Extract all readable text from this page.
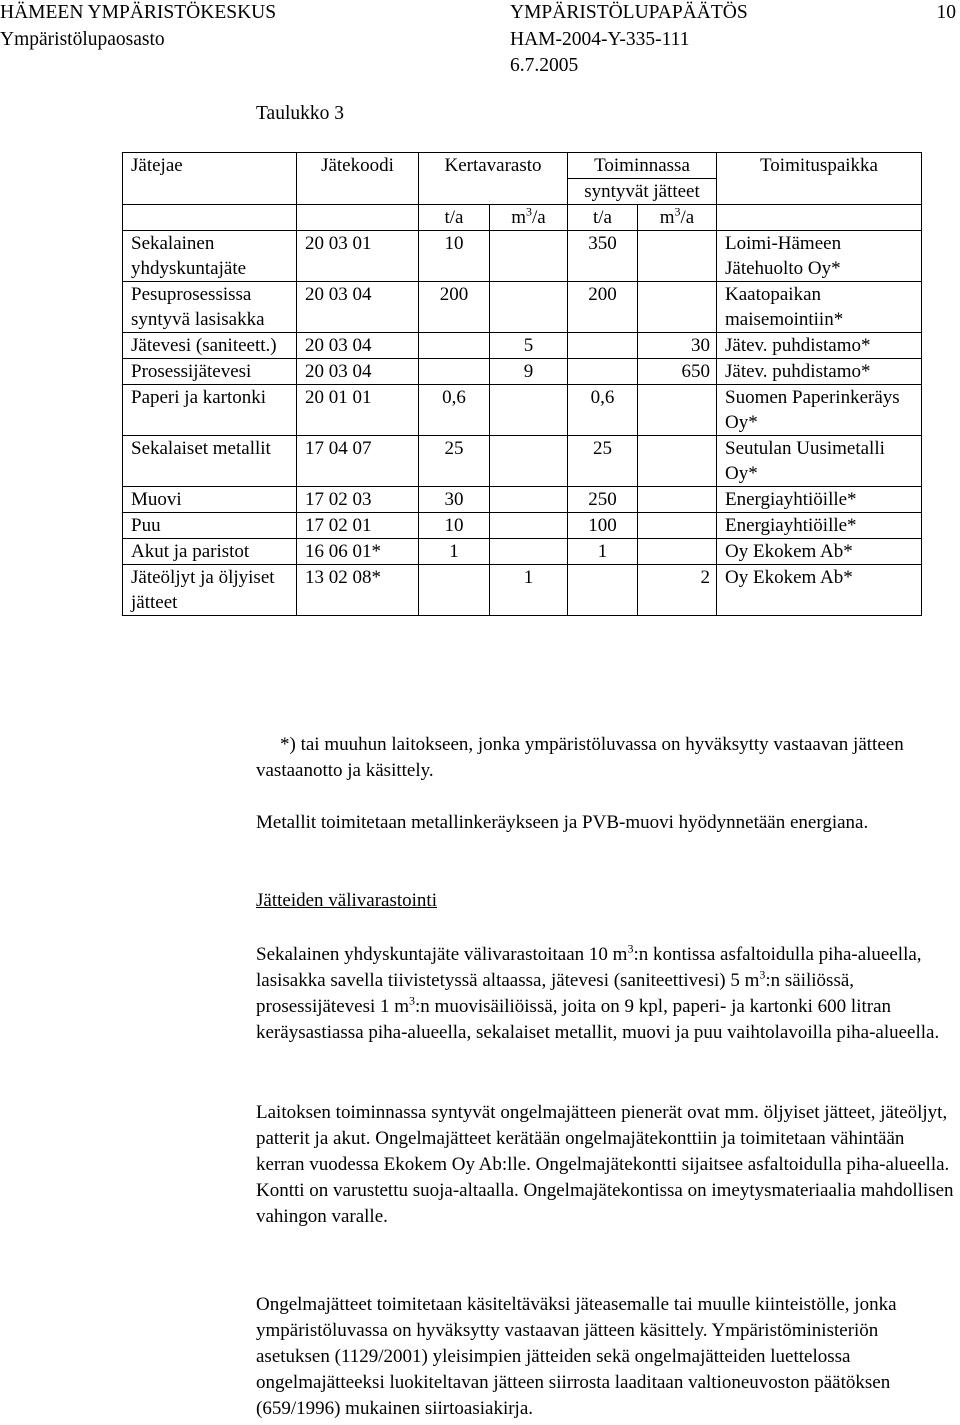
HÄMEEN YMPÄRISTÖKESKUS	YMPÄRISTÖLUPAPÄÄTÖS	10
Ympäristölupaosasto	HAM-2004-Y-335-111
6.7.2005
Taulukko 3
Jätejae	Jätekoodi	Kertavarasto		Toiminnassa		Toimituspaikka
				syntyvät jätteet		
		t/a	$m^3/a$	t/a	$m^3/a$	
Sekalainen yhdyskuntajäte	20 03 01	10		350		Loimi-Hämeen Jätehuolto Oy*
Pesuprosessissa syntyvä lasisakka	20 03 04	200		200		Kaatopaikan maisemointiin*
Jätevesi (saniteett.)	20 03 04		5		30	Jätev. puhdistamo*
Prosessijätevesi	20 03 04		9		650	Jätev. puhdistamo*
Paperi ja kartonki	20 01 01	0,6		0,6		Suomen Paperinkeräys Oy*
Sekalaiset metallit	17 04 07	25		25		Seutulan Uusimetalli Oy*
Muovi	17 02 03	30		250		Energiayhtiöille*
Puu	17 02 01	10		100		Energiayhtiöille*
Akut ja paristot	16 06 01*	1		1		Oy Ekokem Ab*
Jäteöljyt ja öljyiset jätteet	13 02 08*		1		2	Oy Ekokem Ab*

*) tai muuhun laitokseen, jonka ympäristöluvassa on hyväksytty vastaavan jätteen vastaanotto ja käsittely.

Metallit toimitetaan metallinkeräykseen ja PVB-muovi hyödynnetään energiana.

Jätteiden välivarastointi

Sekalainen yhdyskuntajäte välivarastoitaan 10 $m^3:n$ kontissa asfaltoidulla piha-alueella, lasisakka savella tiivistetyssä altaassa, jätevesi (saniteettivesi) 5 $m^3:n$ säiliössä, prosessijätevesi 1 $m^3:n$ muovisäiliöissä, joita on 9 kpl, paperi- ja kartonki 600 litran keräysastiassa piha-alueella, sekalaiset metallit, muovi ja puu vaihtolavoilla piha-alueella.

Laitoksen toiminnassa syntyvät ongelmajätteen pienerät ovat mm. öljyiset jätteet, jäteöljyt, patterit ja akut. Ongelmajätteet kerätään ongelmajätekonttiin ja toimitetaan vähintään kerran vuodessa Ekokem Oy Ab:lle. Ongelmajätekontti sijaitsee asfaltoidulla piha-alueella. Kontti on varustettu suoja-altaalla. Ongelmajätekontissa on imeytysmateriaalia mahdollisen vahingon varalle.

Ongelmajätteet toimitetaan käsiteltäväksi jäteasemalle tai muulle kiinteistölle, jonka ympäristöluvassa on hyväksytty vastaavan jätteen käsittely. Ympäristöministeriön asetuksen (1129/2001) yleisimpien jätteiden sekä ongelmajätteiden luettelossa ongelmajätteeksi luokiteltavan jätteen siirrosta laaditaan valtioneuvoston päätöksen (659/1996) mukainen siirtoasiakirja.
